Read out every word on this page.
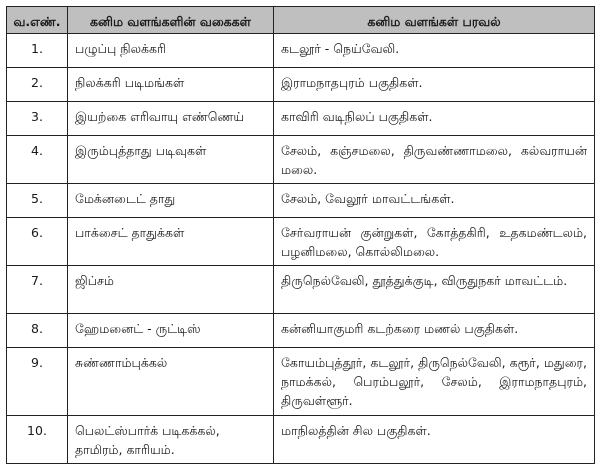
வ.எண்.	கனிம வளங்களின் வகைகள்	கனிம வளங்கள் பரவல்
1.	பழுப்பு நிலக்கரி	கடலூர் - நெய்வேலி.
2.	நிலக்கரி படிமங்கள்	இராமநாதபுரம் பகுதிகள்.
3.	இயற்கை எரிவாயு எண்ணெய்	காவிரி வடிநிலப் பகுதிகள்.
4.	இரும்புத்தாது படிவுகள்	சேலம், கஞ்சமலை, திருவண்ணாமலை, கல்வராயன் மலை.
5.	மேக்னடைட் தாது	சேலம், வேலூர் மாவட்டங்கள்.
6.	பாக்சைட் தாதுக்கள்	சேர்வராயன் குன்றுகள், கோத்தகிரி, உதகமண்டலம், பழனிமலை, கொல்லிமலை.
7.	ஜிப்சம்	திருநெல்வேலி, தூத்துக்குடி, விருதுநகர் மாவட்டம்.
8.	ஹேமனைட் - ருட்டிஸ்	கன்னியாகுமரி கடற்கரை மணல் பகுதிகள்.
9.	சுண்ணாம்புக்கல்	கோயம்புத்தூர், கடலூர், திருநெல்வேலி, கரூர், மதுரை, நாமக்கல், பெரம்பலூர், சேலம், இராமநாதபுரம், திருவள்ளூர்.
10.	பெலட்ஸ்பார்க் படிகக்கல், தாமிரம், காரியம்.	மாநிலத்தின் சில பகுதிகள்.
